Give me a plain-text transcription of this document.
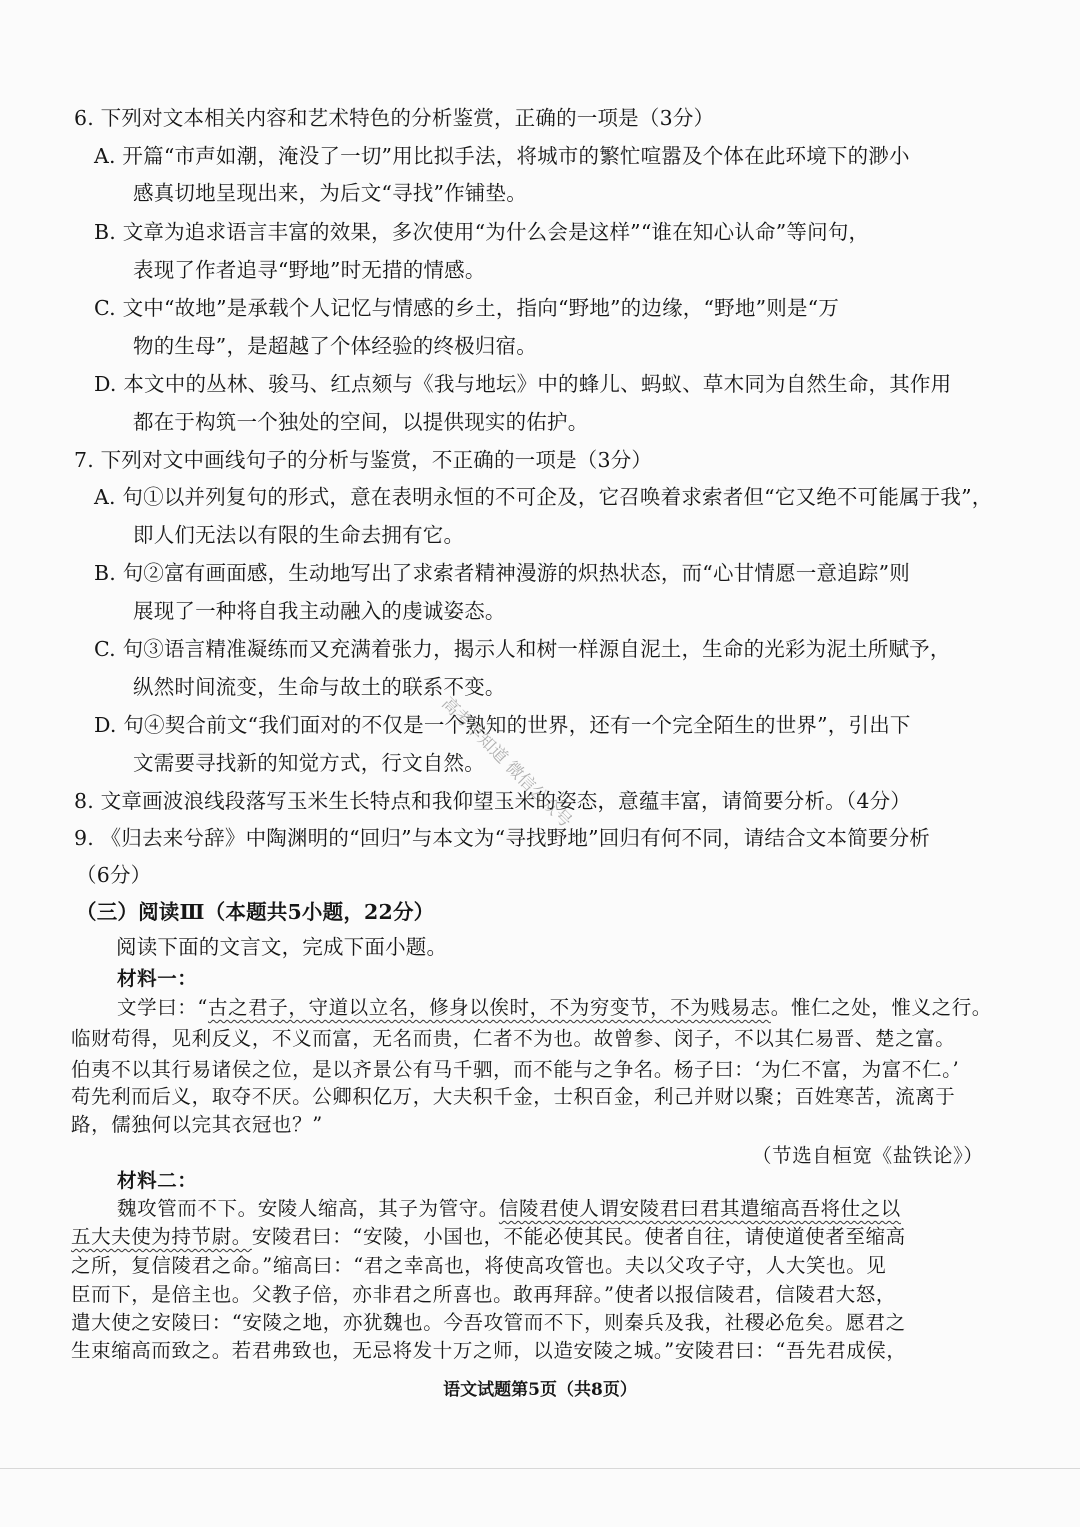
6. 下列对文本相关内容和艺术特色的分析鉴赏，正确的一项是（3分）
A. 开篇“市声如潮，淹没了一切”用比拟手法，将城市的繁忙喧嚣及个体在此环境下的渺小
感真切地呈现出来，为后文“寻找”作铺垫。
B. 文章为追求语言丰富的效果，多次使用“为什么会是这样”“谁在知心认命”等问句，
表现了作者追寻“野地”时无措的情感。
C. 文中“故地”是承载个人记忆与情感的乡土，指向“野地”的边缘，“野地”则是“万
物的生母”，是超越了个体经验的终极归宿。
D. 本文中的丛林、骏马、红点颏与《我与地坛》中的蜂儿、蚂蚁、草木同为自然生命，其作用
都在于构筑一个独处的空间，以提供现实的佑护。
7. 下列对文中画线句子的分析与鉴赏，不正确的一项是（3分）
A. 句①以并列复句的形式，意在表明永恒的不可企及，它召唤着求索者但“它又绝不可能属于我”，
即人们无法以有限的生命去拥有它。
B. 句②富有画面感，生动地写出了求索者精神漫游的炽热状态，而“心甘情愿一意追踪”则
展现了一种将自我主动融入的虔诚姿态。
C. 句③语言精准凝练而又充满着张力，揭示人和树一样源自泥土，生命的光彩为泥土所赋予，
纵然时间流变，生命与故土的联系不变。
D. 句④契合前文“我们面对的不仅是一个熟知的世界，还有一个完全陌生的世界”，引出下
文需要寻找新的知觉方式，行文自然。
8. 文章画波浪线段落写玉米生长特点和我仰望玉米的姿态，意蕴丰富，请简要分析。（4分）
9. 《归去来兮辞》中陶渊明的“回归”与本文为“寻找野地”回归有何不同，请结合文本简要分析
（6分）
（三）阅读Ⅲ（本题共5小题，22分）
阅读下面的文言文，完成下面小题。
材料一：
文学曰：“古之君子，守道以立名，修身以俟时，不为穷变节，不为贱易志。惟仁之处，惟义之行。
临财苟得，见利反义，不义而富，无名而贵，仁者不为也。故曾参、闵子，不以其仁易晋、楚之富。
伯夷不以其行易诸侯之位，是以齐景公有马千驷，而不能与之争名。杨子曰：‘为仁不富，为富不仁。’
苟先利而后义，取夺不厌。公卿积亿万，大夫积千金，士积百金，利己并财以聚；百姓寒苦，流离于
路，儒独何以完其衣冠也？”
（节选自桓宽《盐铁论》）
材料二：
魏攻管而不下。安陵人缩高，其子为管守。信陵君使人谓安陵君曰君其遣缩高吾将仕之以
五大夫使为持节尉。安陵君曰：“安陵，小国也，不能必使其民。使者自往，请使道使者至缩高
之所，复信陵君之命。”缩高曰：“君之幸高也，将使高攻管也。夫以父攻子守，人大笑也。见
臣而下，是倍主也。父教子倍，亦非君之所喜也。敢再拜辞。”使者以报信陵君，信陵君大怒，
遣大使之安陵曰：“安陵之地，亦犹魏也。今吾攻管而不下，则秦兵及我，社稷必危矣。愿君之
生束缩高而致之。若君弗致也，无忌将发十万之师，以造安陵之城。”安陵君曰：“吾先君成侯，
语文试题第5页（共8页）
高考早知道 微信公众号
